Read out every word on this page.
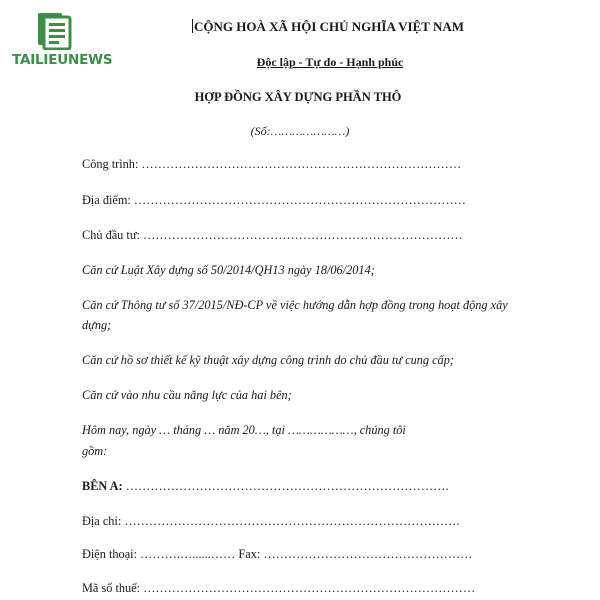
TAILIEUNEWS
CỘNG HOÀ XÃ HỘI CHỦ NGHĨA VIỆT NAM
Độc lập - Tự do - Hạnh phúc
HỢP ĐỒNG XÂY DỰNG PHẦN THÔ
(Số:…………………)
Công trình: ……………………………………………………………………
Địa điểm: ………………………………………………………………………
Chủ đầu tư: ……………………………………………………………………
Căn cứ Luật Xây dựng số 50/2014/QH13 ngày 18/06/2014;
Căn cứ Thông tư số 37/2015/NĐ-CP về việc hướng dẫn hợp đồng trong hoạt động xây
dựng;
Căn cứ hồ sơ thiết kế kỹ thuật xây dựng công trình do chủ đầu tư cung cấp;
Căn cứ vào nhu cầu năng lực của hai bên;
Hôm nay, ngày … tháng … năm 20…, tại ………………, chúng tôi
gồm:
BÊN A: …………………………………………………………………….
Địa chỉ: ……………………………………………………………………….
Điện thoại: ……….…......…… Fax: ……………………………………………
Mã số thuế: ………………………………………………………………………
